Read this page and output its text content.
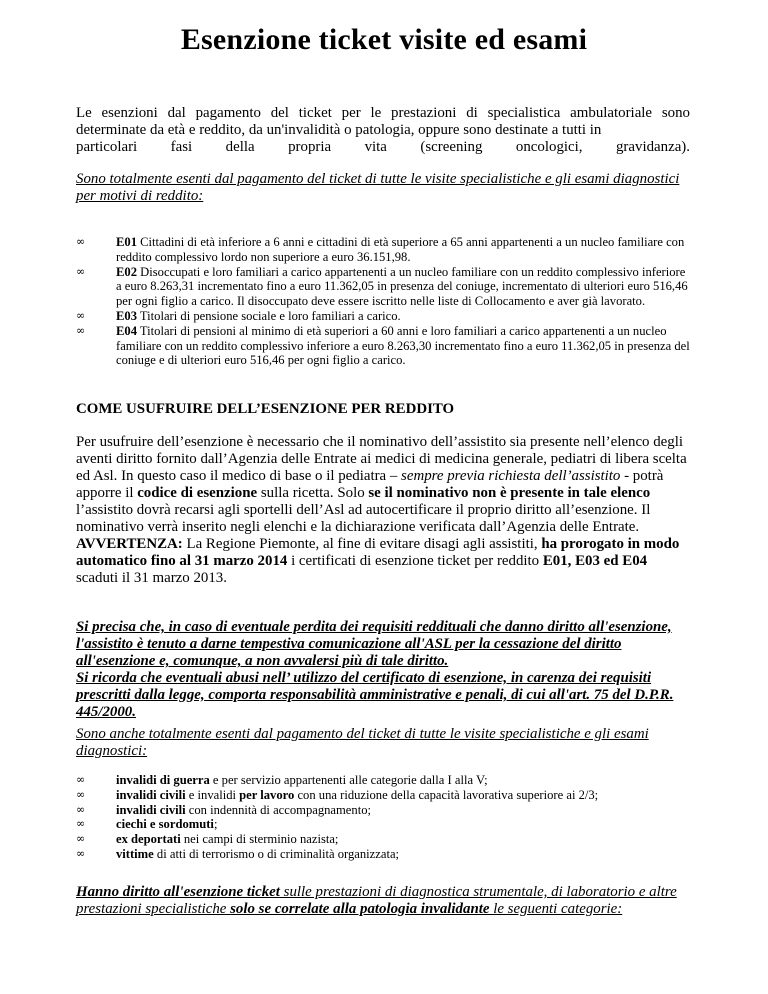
Esenzione ticket visite ed esami

Le esenzioni dal pagamento del ticket per le prestazioni di specialistica ambulatoriale sono determinate da età e reddito, da un'invalidità o patologia, oppure sono destinate a tutti in

particolari fasi della propria vita (screening oncologici, gravidanza).

Sono totalmente esenti dal pagamento del ticket di tutte le visite specialistiche e gli esami diagnostici per motivi di reddito:

∞	E01 Cittadini di età inferiore a 6 anni e cittadini di età superiore a 65 anni appartenenti a un nucleo familiare con reddito complessivo lordo non superiore a euro 36.151,98.
∞	E02 Disoccupati e loro familiari a carico appartenenti a un nucleo familiare con un reddito complessivo inferiore a euro 8.263,31 incrementato fino a euro 11.362,05 in presenza del coniuge, incrementato di ulteriori euro 516,46 per ogni figlio a carico. Il disoccupato deve essere iscritto nelle liste di Collocamento e aver già lavorato.
∞	E03 Titolari di pensione sociale e loro familiari a carico.
∞	E04 Titolari di pensioni al minimo di età superiori a 60 anni e loro familiari a carico appartenenti a un nucleo familiare con un reddito complessivo inferiore a euro 8.263,30 incrementato fino a euro 11.362,05 in presenza del coniuge e di ulteriori euro 516,46 per ogni figlio a carico.
COME USUFRUIRE DELL’ESENZIONE PER REDDITO

Per usufruire dell’esenzione è necessario che il nominativo dell’assistito sia presente nell’elenco degli aventi diritto fornito dall’Agenzia delle Entrate ai medici di medicina generale, pediatri di libera scelta ed Asl. In questo caso il medico di base o il pediatra – sempre previa richiesta dell’assistito - potrà apporre il codice di esenzione sulla ricetta. Solo se il nominativo non è presente in tale elenco l’assistito dovrà recarsi agli sportelli dell’Asl ad autocertificare il proprio diritto all’esenzione. Il nominativo verrà inserito negli elenchi e la dichiarazione verificata dall’Agenzia delle Entrate.

AVVERTENZA: La Regione Piemonte, al fine di evitare disagi agli assistiti, ha prorogato in modo automatico fino al 31 marzo 2014 i certificati di esenzione ticket per reddito E01, E03 ed E04 scaduti il 31 marzo 2013.

Si precisa che, in caso di eventuale perdita dei requisiti reddituali che danno diritto all'esenzione, l'assistito è tenuto a darne tempestiva comunicazione all'ASL per la cessazione del diritto all'esenzione e, comunque, a non avvalersi più di tale diritto.

Si ricorda che eventuali abusi nell’ utilizzo del certificato di esenzione, in carenza dei requisiti prescritti dalla legge, comporta responsabilità amministrative e penali, di cui all'art. 75 del D.P.R. 445/2000.

Sono anche totalmente esenti dal pagamento del ticket di tutte le visite specialistiche e gli esami diagnostici:

∞	invalidi di guerra e per servizio appartenenti alle categorie dalla I alla V;
∞	invalidi civili e invalidi per lavoro con una riduzione della capacità lavorativa superiore ai 2/3;
∞	invalidi civili con indennità di accompagnamento;
∞	ciechi e sordomuti;
∞	ex deportati nei campi di sterminio nazista;
∞	vittime di atti di terrorismo o di criminalità organizzata;

Hanno diritto all'esenzione ticket sulle prestazioni di diagnostica strumentale, di laboratorio e altre prestazioni specialistiche solo se correlate alla patologia invalidante le seguenti categorie:
